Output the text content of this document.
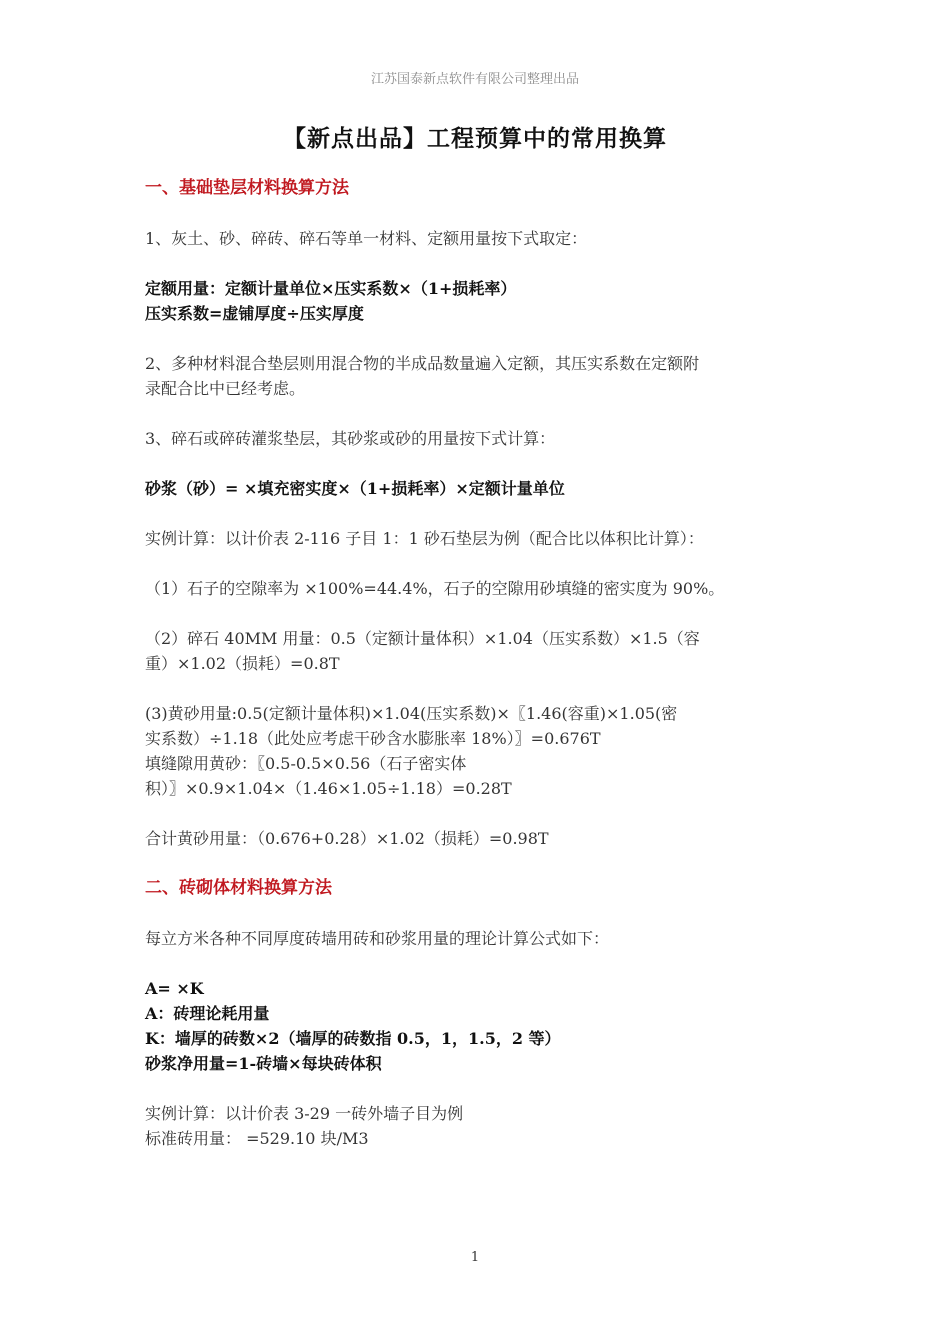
江苏国泰新点软件有限公司整理出品
【新点出品】工程预算中的常用换算
一、基础垫层材料换算方法
1、灰土、砂、碎砖、碎石等单一材料、定额用量按下式取定：
定额用量：定额计量单位×压实系数×（1+损耗率）
压实系数=虚铺厚度÷压实厚度
2、多种材料混合垫层则用混合物的半成品数量遍入定额，其压实系数在定额附
录配合比中已经考虑。
3、碎石或碎砖灌浆垫层，其砂浆或砂的用量按下式计算：
砂浆（砂）= ×填充密实度×（1+损耗率）×定额计量单位
实例计算：以计价表 2-116 子目 1：1 砂石垫层为例（配合比以体积比计算）：
（1）石子的空隙率为 ×100%=44.4%，石子的空隙用砂填缝的密实度为 90%。
（2）碎石 40MM 用量：0.5（定额计量体积）×1.04（压实系数）×1.5（容
重）×1.02（损耗）=0.8T
(3)黄砂用量:0.5(定额计量体积)×1.04(压实系数)×〖1.46(容重)×1.05(密
实系数）÷1.18（此处应考虑干砂含水膨胀率 18%）〗=0.676T
填缝隙用黄砂：〖0.5-0.5×0.56（石子密实体
积）〗×0.9×1.04×（1.46×1.05÷1.18）=0.28T
合计黄砂用量：（0.676+0.28）×1.02（损耗）=0.98T
二、砖砌体材料换算方法
每立方米各种不同厚度砖墙用砖和砂浆用量的理论计算公式如下：
A= ×K
A：砖理论耗用量
K：墙厚的砖数×2（墙厚的砖数指 0.5，1，1.5，2 等）
砂浆净用量=1-砖墙×每块砖体积
实例计算：以计价表 3-29 一砖外墙子目为例
标准砖用量： =529.10 块/M3
1
